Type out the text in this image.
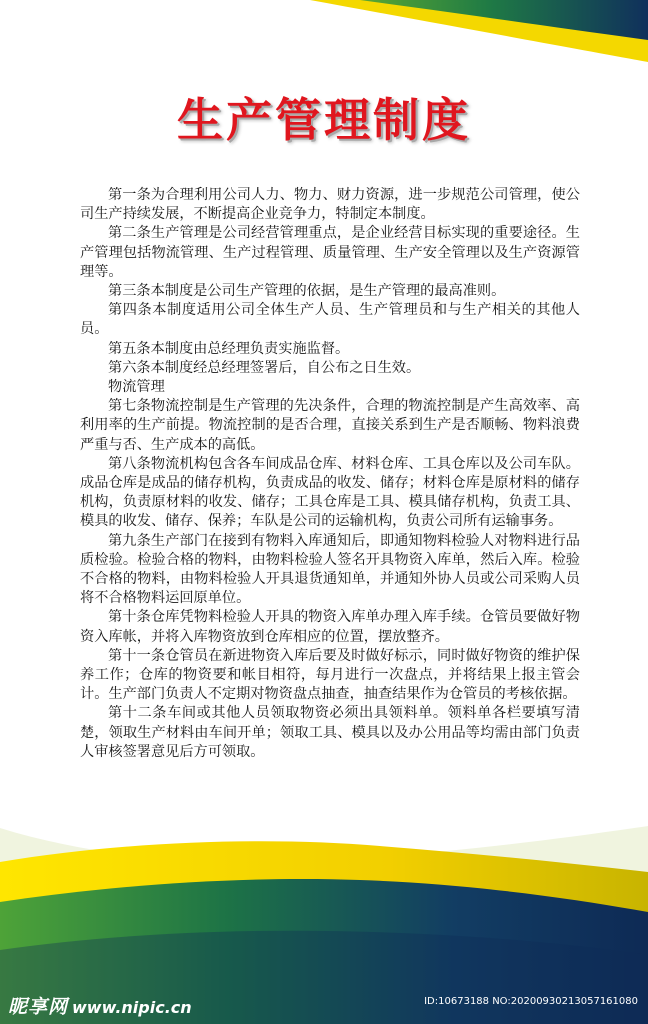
生产管理制度

第一条为合理利用公司人力、物力、财力资源，进一步规范公司管理，使公司生产持续发展，不断提高企业竞争力，特制定本制度。

第二条生产管理是公司经营管理重点，是企业经营目标实现的重要途径。生产管理包括物流管理、生产过程管理、质量管理、生产安全管理以及生产资源管理等。

第三条本制度是公司生产管理的依据，是生产管理的最高准则。

第四条本制度适用公司全体生产人员、生产管理员和与生产相关的其他人员。

第五条本制度由总经理负责实施监督。

第六条本制度经总经理签署后，自公布之日生效。

物流管理

第七条物流控制是生产管理的先决条件，合理的物流控制是产生高效率、高利用率的生产前提。物流控制的是否合理，直接关系到生产是否顺畅、物料浪费严重与否、生产成本的高低。

第八条物流机构包含各车间成品仓库、材料仓库、工具仓库以及公司车队。成品仓库是成品的储存机构，负责成品的收发、储存；材料仓库是原材料的储存机构，负责原材料的收发、储存；工具仓库是工具、模具储存机构，负责工具、模具的收发、储存、保养；车队是公司的运输机构，负责公司所有运输事务。

第九条生产部门在接到有物料入库通知后，即通知物料检验人对物料进行品质检验。检验合格的物料，由物料检验人签名开具物资入库单，然后入库。检验不合格的物料，由物料检验人开具退货通知单，并通知外协人员或公司采购人员将不合格物料运回原单位。

第十条仓库凭物料检验人开具的物资入库单办理入库手续。仓管员要做好物资入库帐，并将入库物资放到仓库相应的位置，摆放整齐。

第十一条仓管员在新进物资入库后要及时做好标示，同时做好物资的维护保养工作；仓库的物资要和帐目相符，每月进行一次盘点，并将结果上报主管会计。生产部门负责人不定期对物资盘点抽查，抽查结果作为仓管员的考核依据。

第十二条车间或其他人员领取物资必须出具领料单。领料单各栏要填写清楚，领取生产材料由车间开单；领取工具、模具以及办公用品等均需由部门负责人审核签署意见后方可领取。

昵享网 www.nipic.cn	ID:10673188 NO:20200930213057161080
